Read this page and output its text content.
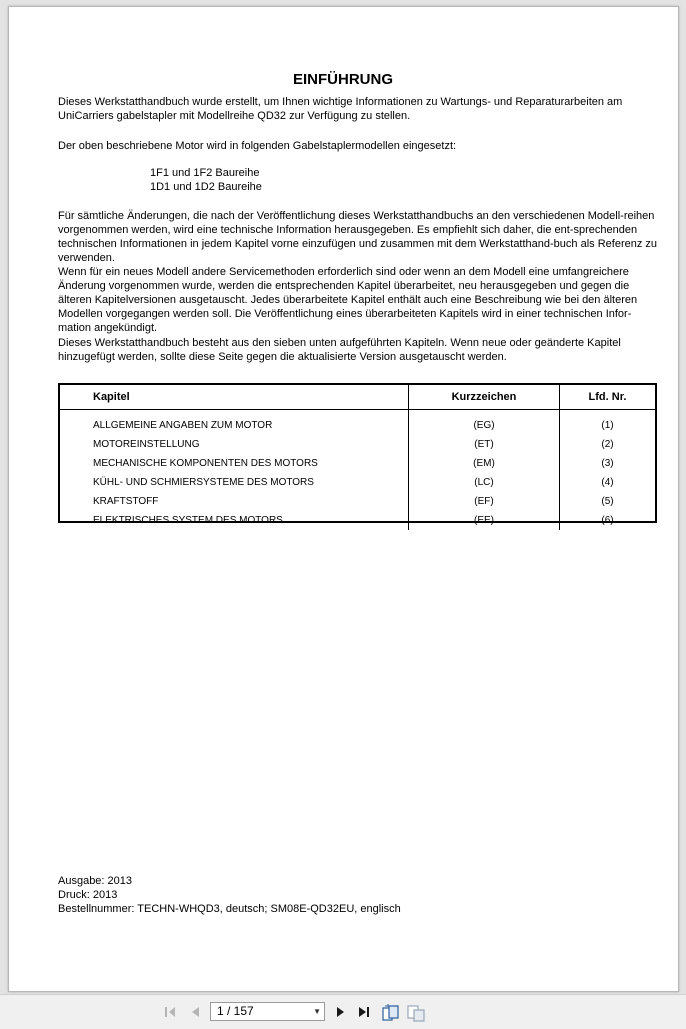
EINFÜHRUNG

Dieses Werkstatthandbuch wurde erstellt, um Ihnen wichtige Informationen zu Wartungs- und Reparaturarbeiten am UniCarriers gabelstapler mit Modellreihe QD32 zur Verfügung zu stellen.

Der oben beschriebene Motor wird in folgenden Gabelstaplermodellen eingesetzt:

1F1 und 1F2 Baureihe
1D1 und 1D2 Baureihe

Für sämtliche Änderungen, die nach der Veröffentlichung dieses Werkstatthandbuchs an den verschiedenen Modell-reihen vorgenommen werden, wird eine technische Information herausgegeben. Es empfiehlt sich daher, die ent-sprechenden technischen Informationen in jedem Kapitel vorne einzufügen und zusammen mit dem Werkstatthand-buch als Referenz zu verwenden.

Wenn für ein neues Modell andere Servicemethoden erforderlich sind oder wenn an dem Modell eine umfangreichere Änderung vorgenommen wurde, werden die entsprechenden Kapitel überarbeitet, neu herausgegeben und gegen die älteren Kapitelversionen ausgetauscht. Jedes überarbeitete Kapitel enthält auch eine Beschreibung wie bei den älteren Modellen vorgegangen werden soll. Die Veröffentlichung eines überarbeiteten Kapitels wird in einer technischen Infor-mation angekündigt.

Dieses Werkstatthandbuch besteht aus den sieben unten aufgeführten Kapiteln. Wenn neue oder geänderte Kapitel hinzugefügt werden, sollte diese Seite gegen die aktualisierte Version ausgetauscht werden.

Kapitel	Kurzzeichen	Lfd. Nr.

ALLGEMEINE ANGABEN ZUM MOTOR	(EG)	(1)
MOTOREINSTELLUNG	(ET)	(2)
MECHANISCHE KOMPONENTEN DES MOTORS	(EM)	(3)
KÜHL- UND SCHMIERSYSTEME DES MOTORS	(LC)	(4)
KRAFTSTOFF	(EF)	(5)
ELEKTRISCHES SYSTEM DES MOTORS	(EE)	(6)

Ausgabe: 2013
Druck: 2013
Bestellnummer: TECHN-WHQD3, deutsch; SM08E-QD32EU, englisch
1 / 157	▼
